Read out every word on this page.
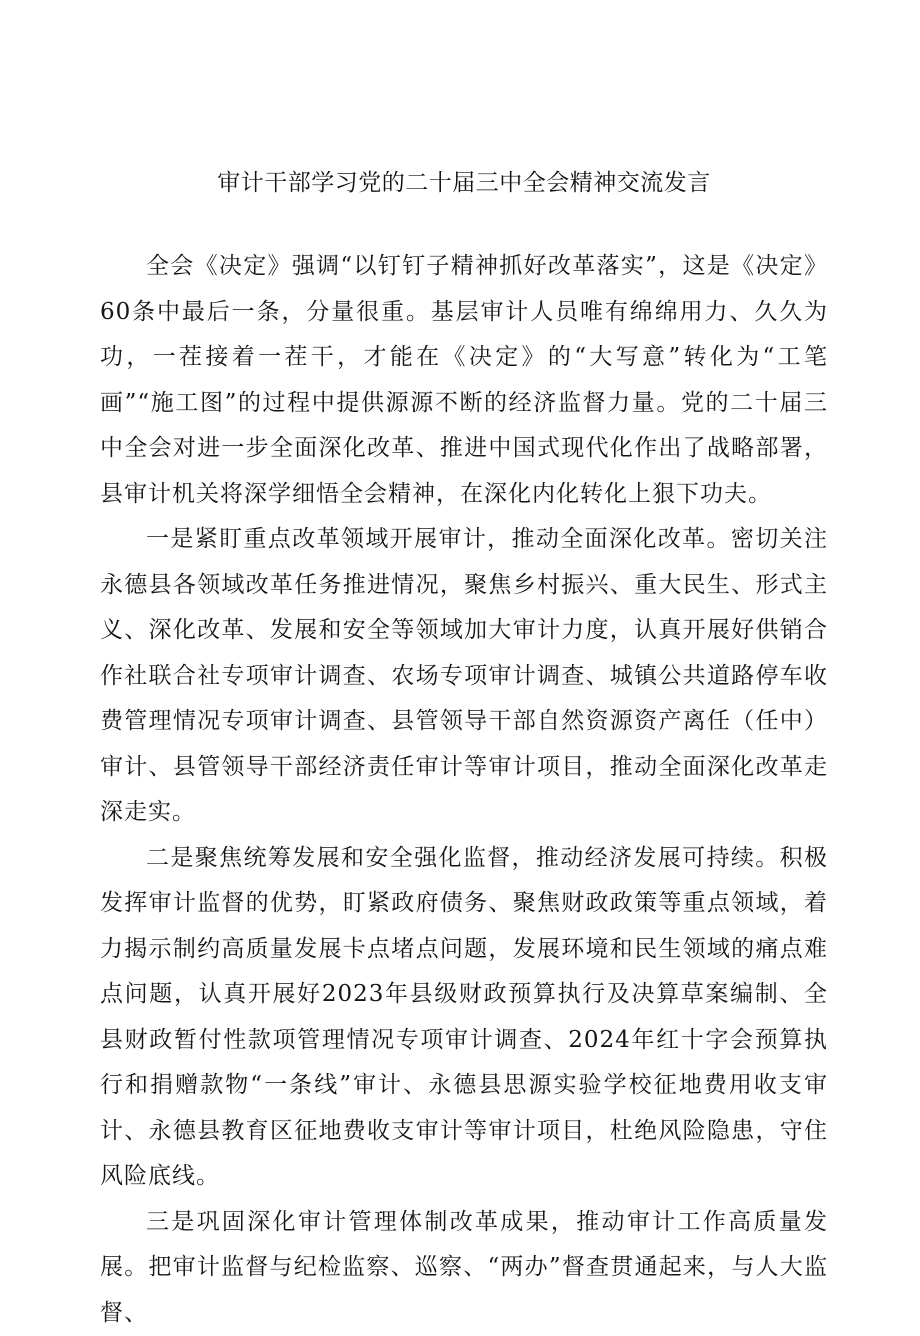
审计干部学习党的二十届三中全会精神交流发言

全会《决定》强调“以钉钉子精神抓好改革落实”，这是《决定》60条中最后一条，分量很重。基层审计人员唯有绵绵用力、久久为功，一茬接着一茬干，才能在《决定》的“大写意”转化为“工笔画”“施工图”的过程中提供源源不断的经济监督力量。党的二十届三中全会对进一步全面深化改革、推进中国式现代化作出了战略部署，县审计机关将深学细悟全会精神，在深化内化转化上狠下功夫。

一是紧盯重点改革领域开展审计，推动全面深化改革。密切关注永德县各领域改革任务推进情况，聚焦乡村振兴、重大民生、形式主义、深化改革、发展和安全等领域加大审计力度，认真开展好供销合作社联合社专项审计调查、农场专项审计调查、城镇公共道路停车收费管理情况专项审计调查、县管领导干部自然资源资产离任（任中）审计、县管领导干部经济责任审计等审计项目，推动全面深化改革走深走实。

二是聚焦统筹发展和安全强化监督，推动经济发展可持续。积极发挥审计监督的优势，盯紧政府债务、聚焦财政政策等重点领域，着力揭示制约高质量发展卡点堵点问题，发展环境和民生领域的痛点难点问题，认真开展好2023年县级财政预算执行及决算草案编制、全县财政暂付性款项管理情况专项审计调查、2024年红十字会预算执行和捐赠款物“一条线”审计、永德县思源实验学校征地费用收支审计、永德县教育区征地费收支审计等审计项目，杜绝风险隐患，守住风险底线。

三是巩固深化审计管理体制改革成果，推动审计工作高质量发展。把审计监督与纪检监察、巡察、“两办”督查贯通起来，与人大监督、
